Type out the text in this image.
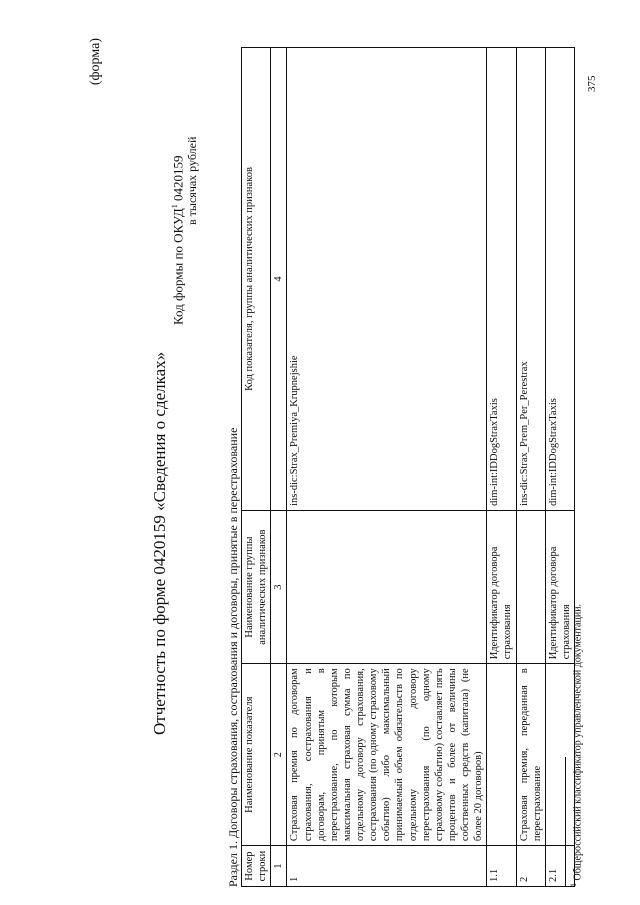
(форма)
Отчетность по форме 0420159 «Сведения о сделках»
Код формы по ОКУД$^1$ 0420159 в тысячах рублей
Раздел 1. Договоры страхования, сострахования и договоры, принятые в перестрахование Номер строки	Наименование показателя	Наименование группы аналитических признаков	Код показателя, группы аналитических признаков
1	2	3	4
1	Страховая премия по договорам страхования, сострахования и договорам, принятым в перестрахование, по которым максимальная страховая сумма по отдельному договору страхования, сострахования (по одному страховому событию) либо максимальный принимаемый объем обязательств по отдельному договору перестрахования (по одному страховому событию) составляет пять процентов и более от величины собственных средств (капитала) (не более 20 договоров)		ins-dic:Strax_Premiya_Krupnejshie
1.1		Идентификатор договора страхования	dim-int:IDDogStraxTaxis
2	Страховая премия, переданная в перестрахование		ins-dic:Strax_Prem_Per_Perestrax
2.1		Идентификатор договора страхования	dim-int:IDDogStraxTaxis
$^1$ Общероссийский классификатор управленческой документации.
375
